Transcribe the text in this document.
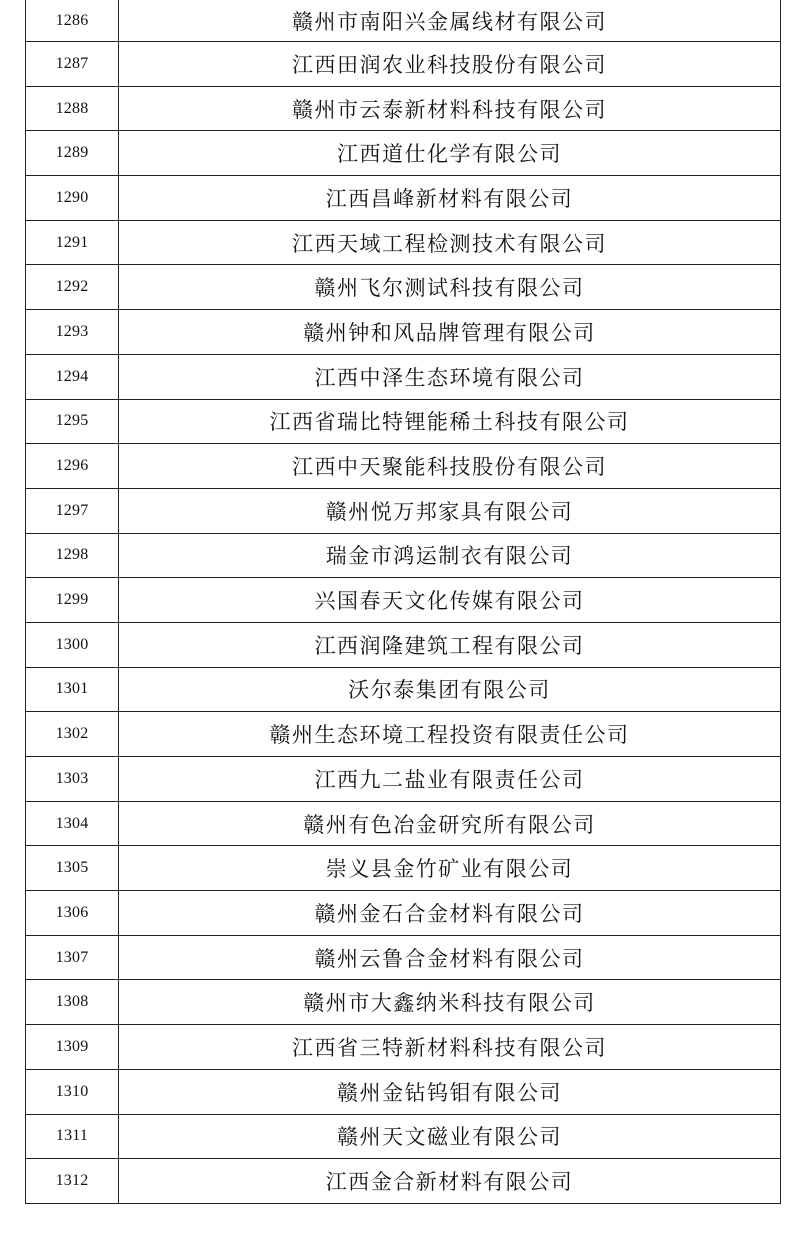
1286	赣州市南阳兴金属线材有限公司
1287	江西田润农业科技股份有限公司
1288	赣州市云泰新材料科技有限公司
1289	江西道仕化学有限公司
1290	江西昌峰新材料有限公司
1291	江西天域工程检测技术有限公司
1292	赣州飞尔测试科技有限公司
1293	赣州钟和风品牌管理有限公司
1294	江西中泽生态环境有限公司
1295	江西省瑞比特锂能稀土科技有限公司
1296	江西中天聚能科技股份有限公司
1297	赣州悦万邦家具有限公司
1298	瑞金市鸿运制衣有限公司
1299	兴国春天文化传媒有限公司
1300	江西润隆建筑工程有限公司
1301	沃尔泰集团有限公司
1302	赣州生态环境工程投资有限责任公司
1303	江西九二盐业有限责任公司
1304	赣州有色冶金研究所有限公司
1305	崇义县金竹矿业有限公司
1306	赣州金石合金材料有限公司
1307	赣州云鲁合金材料有限公司
1308	赣州市大鑫纳米科技有限公司
1309	江西省三特新材料科技有限公司
1310	赣州金钻钨钼有限公司
1311	赣州天文磁业有限公司
1312	江西金合新材料有限公司
